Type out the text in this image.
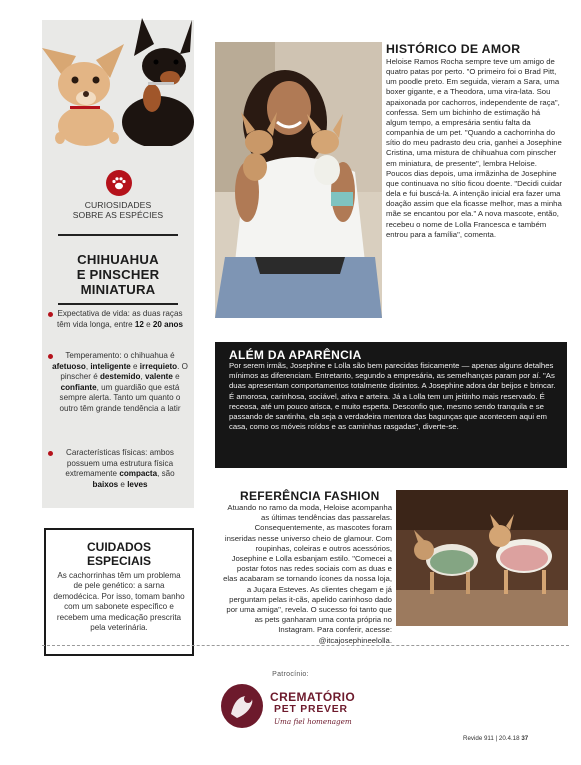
CURIOSIDADES
SOBRE AS ESPÉCIES
CHIHUAHUA
E PINSCHER
MINIATURA
Expectativa de vida: as duas raças têm vida longa, entre 12 e 20 anos
Temperamento: o chihuahua é afetuoso, inteligente e irrequieto. O pinscher é destemido, valente e confiante, um guardião que está sempre alerta. Tanto um quanto o outro têm grande tendência a latir
Características físicas: ambos possuem uma estrutura física extremamente compacta, são baixos e leves
CUIDADOS
ESPECIAIS
As cachorrinhas têm um problema de pele genético: a sarna demodécica. Por isso, tomam banho com um sabonete específico e recebem uma medicação prescrita pela veterinária.
HISTÓRICO DE AMOR
Heloise Ramos Rocha sempre teve um amigo de quatro patas por perto. "O primeiro foi o Brad Pitt, um poodle preto. Em seguida, vieram a Sara, uma boxer gigante, e a Theodora, uma vira-lata. Sou apaixonada por cachorros, independente de raça", confessa. Sem um bichinho de estimação há algum tempo, a empresária sentiu falta da companhia de um pet. "Quando a cachorrinha do sítio do meu padrasto deu cria, ganhei a Josephine Cristina, uma mistura de chihuahua com pinscher em miniatura, de presente", lembra Heloise. Poucos dias depois, uma irmãzinha de Josephine que continuava no sítio ficou doente. "Decidi cuidar dela e fui buscá-la. A intenção inicial era fazer uma doação assim que ela ficasse melhor, mas a minha mãe se encantou por ela." A nova mascote, então, recebeu o nome de Lolla Francesca e também entrou para a família", comenta.
ALÉM DA APARÊNCIA
Por serem irmãs, Josephine e Lolla são bem parecidas fisicamente — apenas alguns detalhes mínimos as diferenciam. Entretanto, segundo a empresária, as semelhanças param por aí. "As duas apresentam comportamentos totalmente distintos. A Josephine adora dar beijos e brincar. É amorosa, carinhosa, sociável, ativa e arteira. Já a Lolla tem um jeitinho mais reservado. É receosa, até um pouco arisca, e muito esperta. Desconfio que, mesmo sendo tranquila e se passando de santinha, ela seja a verdadeira mentora das bagunças que acontecem aqui em casa, como os móveis roídos e as caminhas rasgadas", diverte-se.
REFERÊNCIA FASHION
Atuando no ramo da moda, Heloise acompanha as últimas tendências das passarelas. Consequentemente, as mascotes foram inseridas nesse universo cheio de glamour. Com roupinhas, coleiras e outros acessórios, Josephine e Lolla esbanjam estilo. "Comecei a postar fotos nas redes sociais com as duas e elas acabaram se tornando ícones da nossa loja, a Juçara Esteves. As clientes chegam e já perguntam pelas it-cãs, apelido carinhoso dado por uma amiga", revela. O sucesso foi tanto que as pets ganharam uma conta própria no Instagram. Para conferir, acesse: @itcajosephineelolla.
Patrocínio:
CREMATÓRIO
PET PREVER
Uma fiel homenagem
Revide 911 | 20.4.18 37
